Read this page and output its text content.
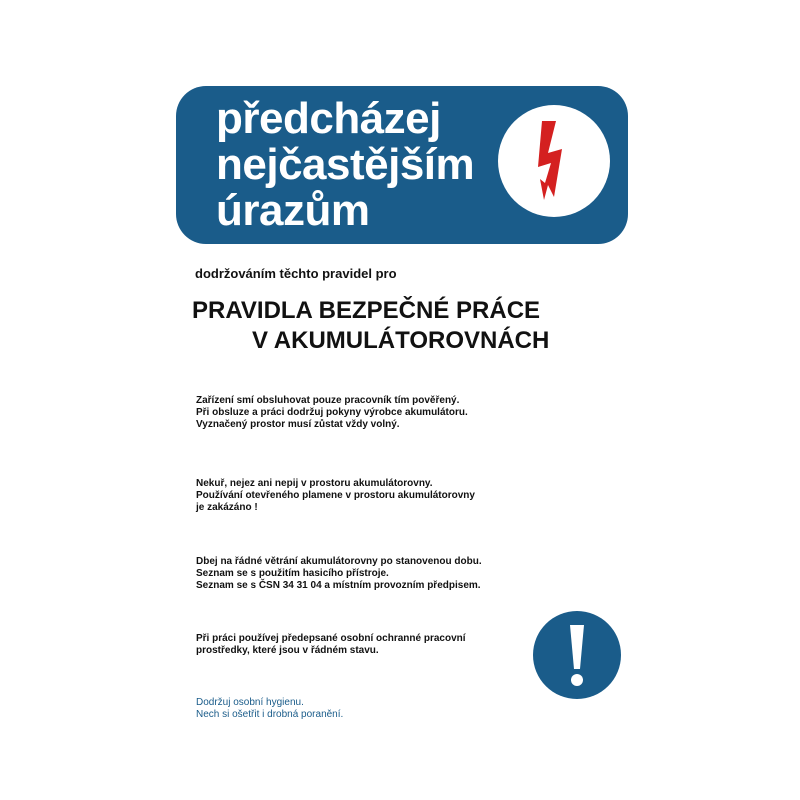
předcházej
nejčastějším
úrazům
dodržováním těchto pravidel pro
PRAVIDLA BEZPEČNÉ PRÁCE
V AKUMULÁTOROVNÁCH
Zařízení smí obsluhovat pouze pracovník tím pověřený.
Při obsluze a práci dodržuj pokyny výrobce akumulátoru.
Vyznačený prostor musí zůstat vždy volný.
Nekuř, nejez ani nepij v prostoru akumulátorovny.
Používání otevřeného plamene v prostoru akumulátorovny
je zakázáno !
Dbej na řádné větrání akumulátorovny po stanovenou dobu.
Seznam se s použitím hasicího přístroje.
Seznam se s ČSN 34 31 04 a místním provozním předpisem.
Při práci používej předepsané osobní ochranné pracovní
prostředky, které jsou v řádném stavu.
Dodržuj osobní hygienu.
Nech si ošetřit i drobná poranění.
